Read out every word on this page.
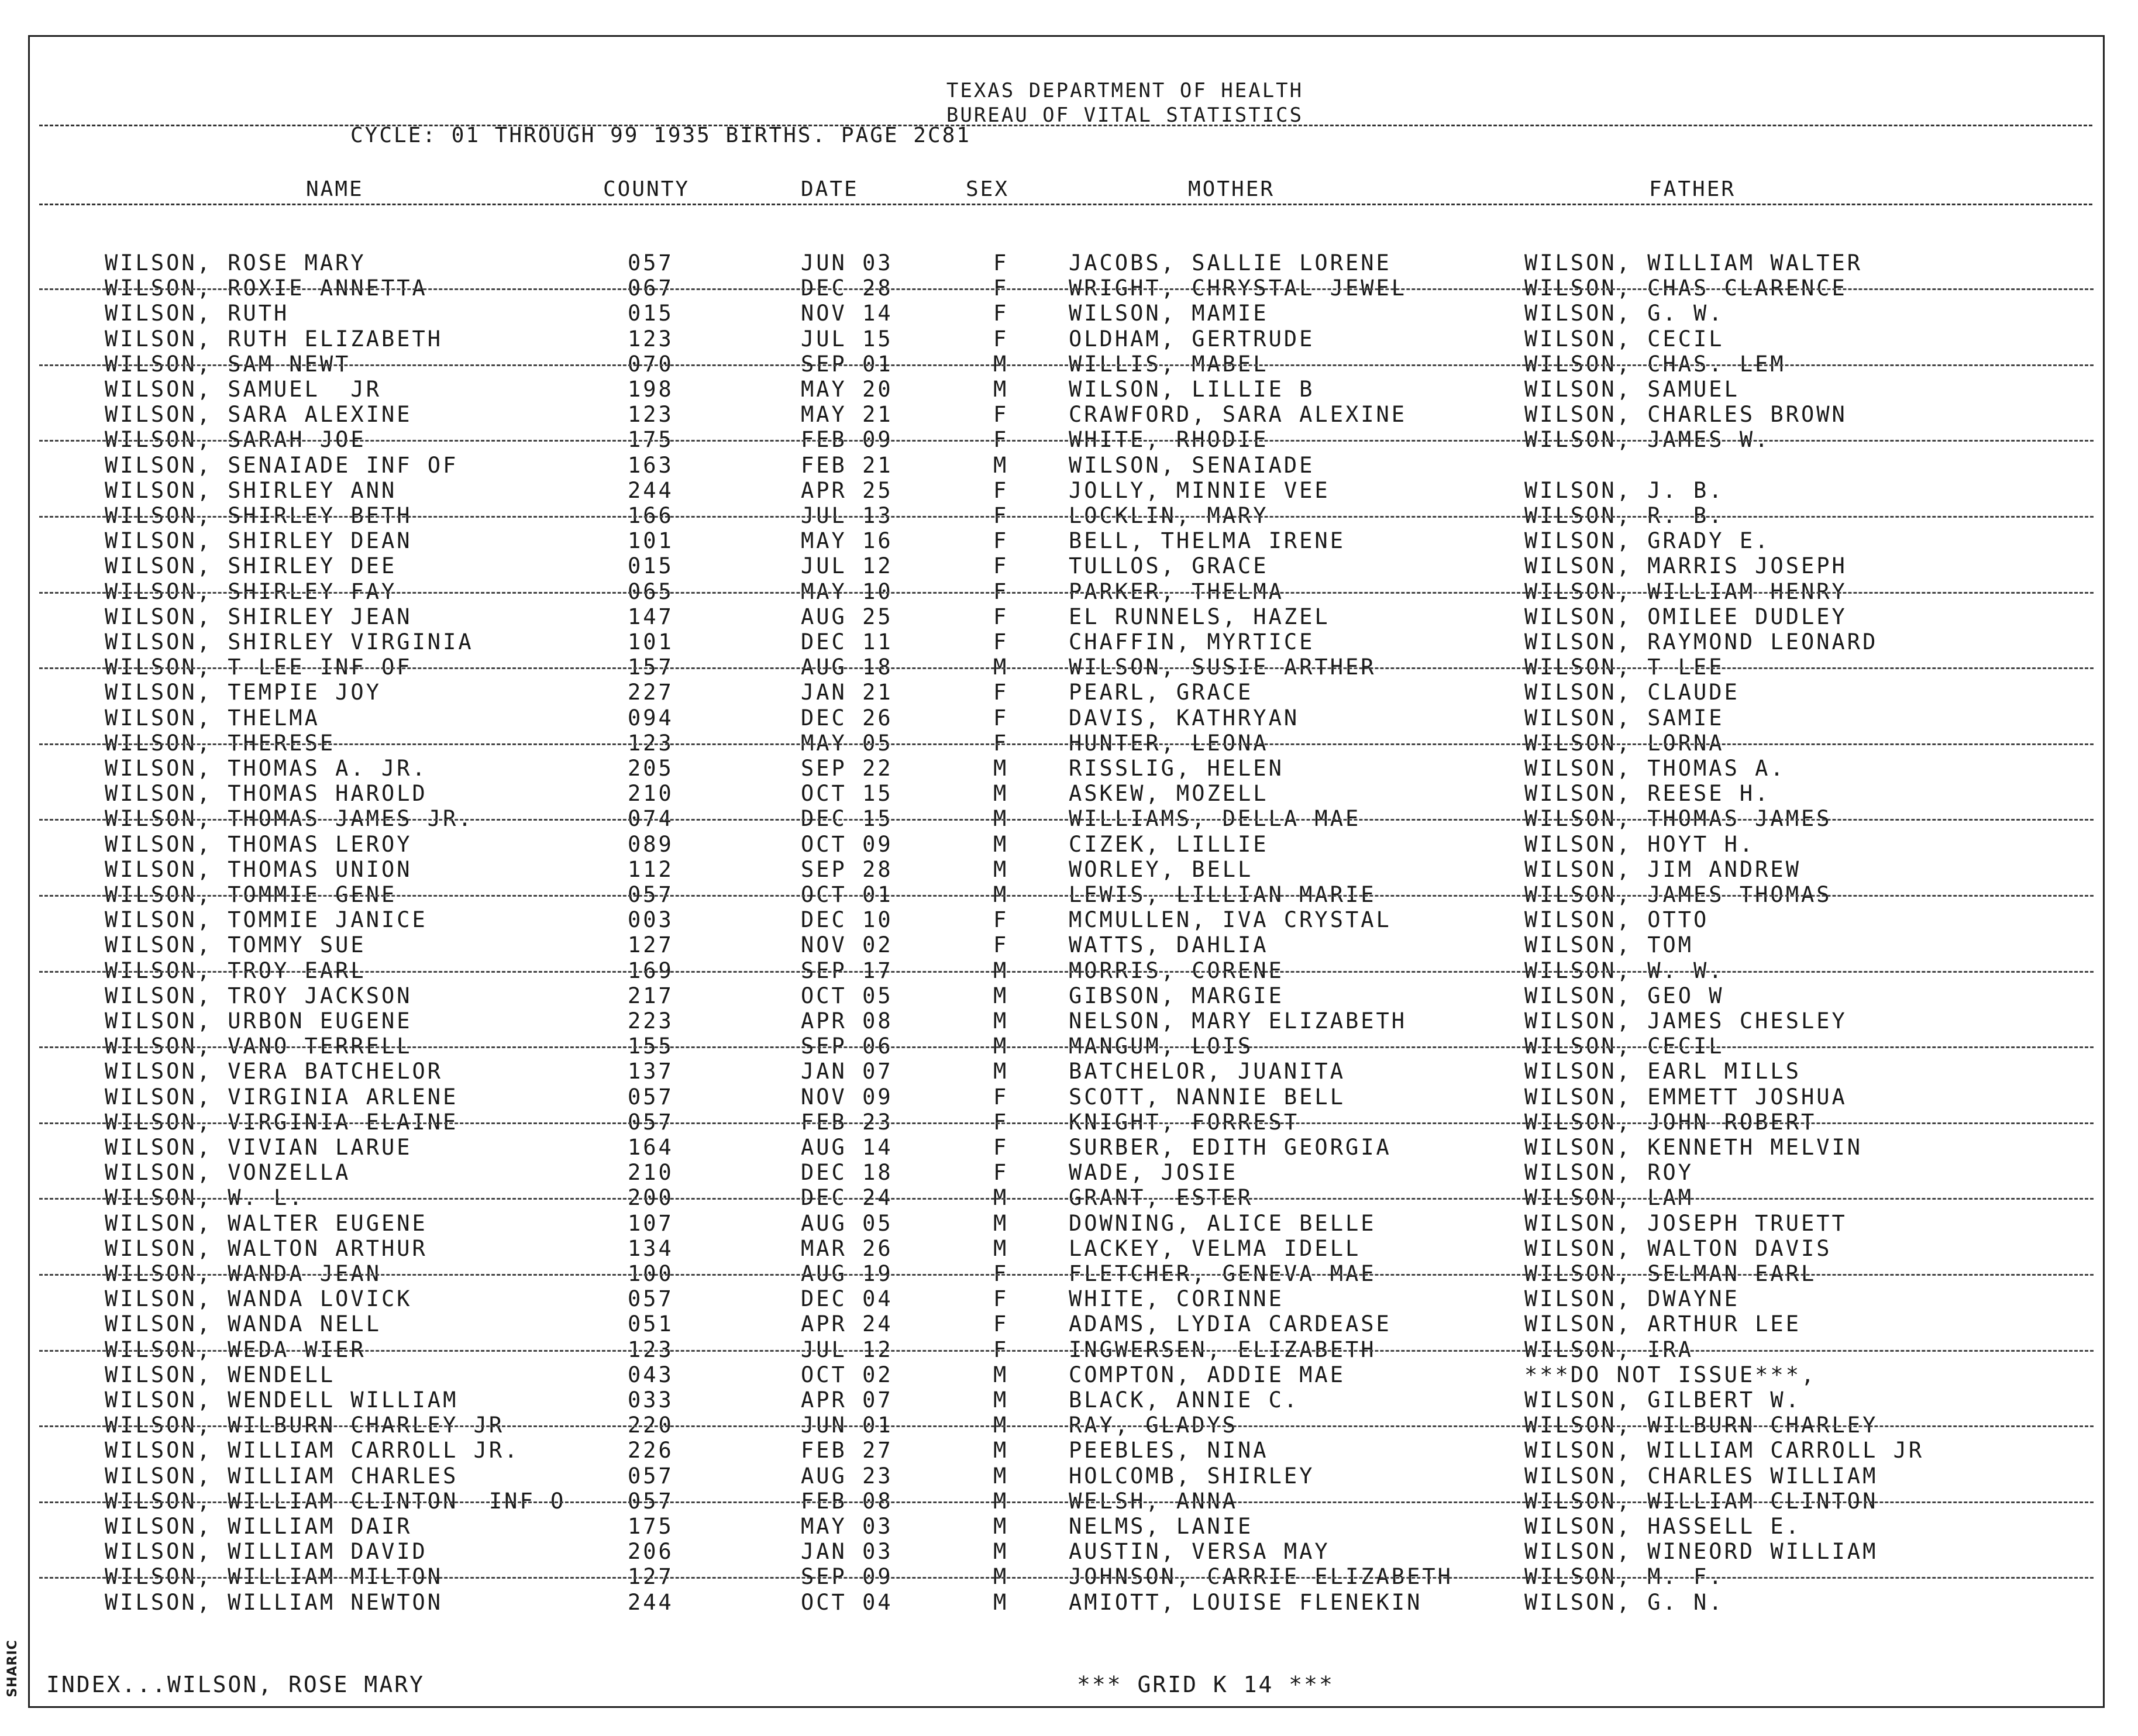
TEXAS DEPARTMENT OF HEALTH
BUREAU OF VITAL STATISTICS
CYCLE: 01 THROUGH 99 1935 BIRTHS. PAGE 2C81
NAME	COUNTY	DATE	SEX	MOTHER	FATHER
WILSON, ROSE MARY	057	JUN 03	F	JACOBS, SALLIE LORENE	WILSON, WILLIAM WALTER
WILSON, ROXIE ANNETTA	067	DEC 28	F	WRIGHT, CHRYSTAL JEWEL	WILSON, CHAS CLARENCE
WILSON, RUTH	015	NOV 14	F	WILSON, MAMIE	WILSON, G. W.
WILSON, RUTH ELIZABETH	123	JUL 15	F	OLDHAM, GERTRUDE	WILSON, CECIL
WILSON, SAM NEWT	070	SEP 01	M	WILLIS, MABEL	WILSON, CHAS. LEM
WILSON, SAMUEL  JR	198	MAY 20	M	WILSON, LILLIE B	WILSON, SAMUEL
WILSON, SARA ALEXINE	123	MAY 21	F	CRAWFORD, SARA ALEXINE	WILSON, CHARLES BROWN
WILSON, SARAH JOE	175	FEB 09	F	WHITE, RHODIE	WILSON, JAMES W.
WILSON, SENAIADE INF OF	163	FEB 21	M	WILSON, SENAIADE
WILSON, SHIRLEY ANN	244	APR 25	F	JOLLY, MINNIE VEE	WILSON, J. B.
WILSON, SHIRLEY BETH	166	JUL 13	F	LOCKLIN, MARY	WILSON, R. B.
WILSON, SHIRLEY DEAN	101	MAY 16	F	BELL, THELMA IRENE	WILSON, GRADY E.
WILSON, SHIRLEY DEE	015	JUL 12	F	TULLOS, GRACE	WILSON, MARRIS JOSEPH
WILSON, SHIRLEY FAY	065	MAY 10	F	PARKER, THELMA	WILSON, WILLIAM HENRY
WILSON, SHIRLEY JEAN	147	AUG 25	F	EL RUNNELS, HAZEL	WILSON, OMILEE DUDLEY
WILSON, SHIRLEY VIRGINIA	101	DEC 11	F	CHAFFIN, MYRTICE	WILSON, RAYMOND LEONARD
WILSON, T LEE INF OF	157	AUG 18	M	WILSON, SUSIE ARTHER	WILSON, T LEE
WILSON, TEMPIE JOY	227	JAN 21	F	PEARL, GRACE	WILSON, CLAUDE
WILSON, THELMA	094	DEC 26	F	DAVIS, KATHRYAN	WILSON, SAMIE
WILSON, THERESE	123	MAY 05	F	HUNTER, LEONA	WILSON, LORNA
WILSON, THOMAS A. JR.	205	SEP 22	M	RISSLIG, HELEN	WILSON, THOMAS A.
WILSON, THOMAS HAROLD	210	OCT 15	M	ASKEW, MOZELL	WILSON, REESE H.
WILSON, THOMAS JAMES JR.	074	DEC 15	M	WILLIAMS, DELLA MAE	WILSON, THOMAS JAMES
WILSON, THOMAS LEROY	089	OCT 09	M	CIZEK, LILLIE	WILSON, HOYT H.
WILSON, THOMAS UNION	112	SEP 28	M	WORLEY, BELL	WILSON, JIM ANDREW
WILSON, TOMMIE GENE	057	OCT 01	M	LEWIS, LILLIAN MARIE	WILSON, JAMES THOMAS
WILSON, TOMMIE JANICE	003	DEC 10	F	MCMULLEN, IVA CRYSTAL	WILSON, OTTO
WILSON, TOMMY SUE	127	NOV 02	F	WATTS, DAHLIA	WILSON, TOM
WILSON, TROY EARL	169	SEP 17	M	MORRIS, CORENE	WILSON, W. W.
WILSON, TROY JACKSON	217	OCT 05	M	GIBSON, MARGIE	WILSON, GEO W
WILSON, URBON EUGENE	223	APR 08	M	NELSON, MARY ELIZABETH	WILSON, JAMES CHESLEY
WILSON, VANO TERRELL	155	SEP 06	M	MANGUM, LOIS	WILSON, CECIL
WILSON, VERA BATCHELOR	137	JAN 07	M	BATCHELOR, JUANITA	WILSON, EARL MILLS
WILSON, VIRGINIA ARLENE	057	NOV 09	F	SCOTT, NANNIE BELL	WILSON, EMMETT JOSHUA
WILSON, VIRGINIA ELAINE	057	FEB 23	F	KNIGHT, FORREST	WILSON, JOHN ROBERT
WILSON, VIVIAN LARUE	164	AUG 14	F	SURBER, EDITH GEORGIA	WILSON, KENNETH MELVIN
WILSON, VONZELLA	210	DEC 18	F	WADE, JOSIE	WILSON, ROY
WILSON, W. L.	200	DEC 24	M	GRANT, ESTER	WILSON, LAM
WILSON, WALTER EUGENE	107	AUG 05	M	DOWNING, ALICE BELLE	WILSON, JOSEPH TRUETT
WILSON, WALTON ARTHUR	134	MAR 26	M	LACKEY, VELMA IDELL	WILSON, WALTON DAVIS
WILSON, WANDA JEAN	100	AUG 19	F	FLETCHER, GENEVA MAE	WILSON, SELMAN EARL
WILSON, WANDA LOVICK	057	DEC 04	F	WHITE, CORINNE	WILSON, DWAYNE
WILSON, WANDA NELL	051	APR 24	F	ADAMS, LYDIA CARDEASE	WILSON, ARTHUR LEE
WILSON, WEDA WIER	123	JUL 12	F	INGWERSEN, ELIZABETH	WILSON, IRA
WILSON, WENDELL	043	OCT 02	M	COMPTON, ADDIE MAE	***DO NOT ISSUE***,
WILSON, WENDELL WILLIAM	033	APR 07	M	BLACK, ANNIE C.	WILSON, GILBERT W.
WILSON, WILBURN CHARLEY JR	220	JUN 01	M	RAY, GLADYS	WILSON, WILBURN CHARLEY
WILSON, WILLIAM CARROLL JR.	226	FEB 27	M	PEEBLES, NINA	WILSON, WILLIAM CARROLL JR
WILSON, WILLIAM CHARLES	057	AUG 23	M	HOLCOMB, SHIRLEY	WILSON, CHARLES WILLIAM
WILSON, WILLIAM CLINTON  INF O	057	FEB 08	M	WELSH, ANNA	WILSON, WILLIAM CLINTON
WILSON, WILLIAM DAIR	175	MAY 03	M	NELMS, LANIE	WILSON, HASSELL E.
WILSON, WILLIAM DAVID	206	JAN 03	M	AUSTIN, VERSA MAY	WILSON, WINEORD WILLIAM
WILSON, WILLIAM MILTON	127	SEP 09	M	JOHNSON, CARRIE ELIZABETH	WILSON, M. F.
WILSON, WILLIAM NEWTON	244	OCT 04	M	AMIOTT, LOUISE FLENEKIN	WILSON, G. N.
INDEX...WILSON, ROSE MARY	*** GRID K 14 ***
SHARIC
